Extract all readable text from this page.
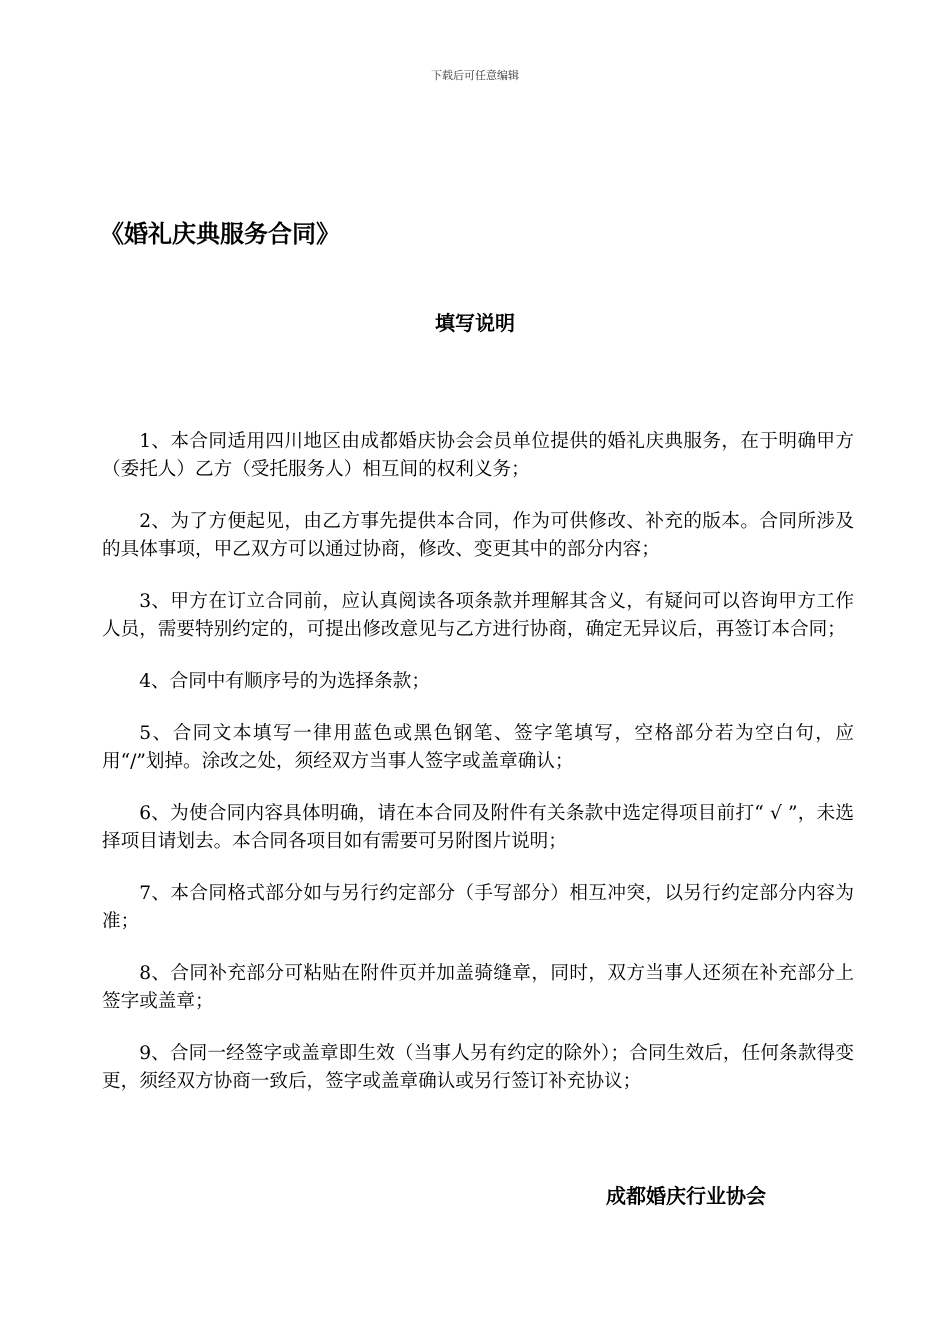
下载后可任意编辑
《婚礼庆典服务合同》
填写说明
1、本合同适用四川地区由成都婚庆协会会员单位提供的婚礼庆典服务，在于明确甲方（委托人）乙方（受托服务人）相互间的权利义务；
2、为了方便起见，由乙方事先提供本合同，作为可供修改、补充的版本。合同所涉及的具体事项，甲乙双方可以通过协商，修改、变更其中的部分内容；
3、甲方在订立合同前，应认真阅读各项条款并理解其含义，有疑问可以咨询甲方工作人员，需要特别约定的，可提出修改意见与乙方进行协商，确定无异议后，再签订本合同；
4、合同中有顺序号的为选择条款；
5、合同文本填写一律用蓝色或黑色钢笔、签字笔填写，空格部分若为空白句，应用“/”划掉。涂改之处，须经双方当事人签字或盖章确认；
6、为使合同内容具体明确，请在本合同及附件有关条款中选定得项目前打“ √ ”，未选择项目请划去。本合同各项目如有需要可另附图片说明；
7、本合同格式部分如与另行约定部分（手写部分）相互冲突，以另行约定部分内容为准；
8、合同补充部分可粘贴在附件页并加盖骑缝章，同时，双方当事人还须在补充部分上签字或盖章；
9、合同一经签字或盖章即生效（当事人另有约定的除外）；合同生效后，任何条款得变更，须经双方协商一致后，签字或盖章确认或另行签订补充协议；

成都婚庆行业协会
